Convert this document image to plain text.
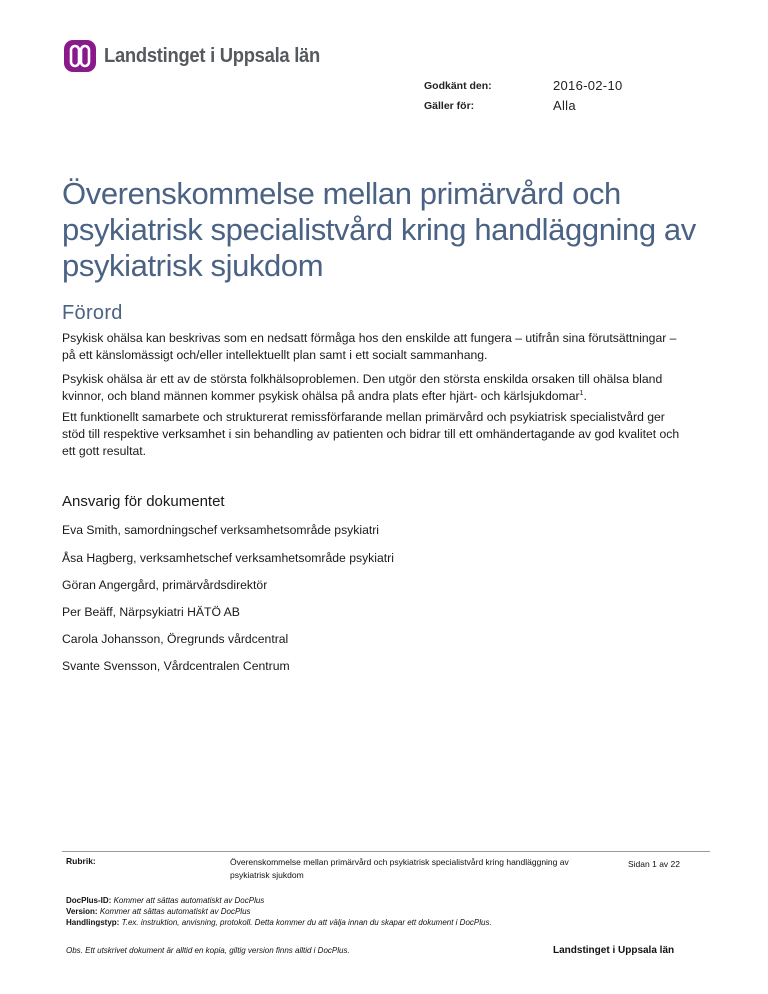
Landstinget i Uppsala län
Godkänt den:	2016-02-10
Gäller för:	Alla
Överenskommelse mellan primärvård och psykiatrisk specialistvård kring handläggning av psykiatrisk sjukdom
Förord

Psykisk ohälsa kan beskrivas som en nedsatt förmåga hos den enskilde att fungera – utifrån sina förutsättningar – på ett känslomässigt och/eller intellektuellt plan samt i ett socialt sammanhang.

Psykisk ohälsa är ett av de största folkhälsoproblemen. Den utgör den största enskilda orsaken till ohälsa bland kvinnor, och bland männen kommer psykisk ohälsa på andra plats efter hjärt- och kärlsjukdomar$^1$.

Ett funktionellt samarbete och strukturerat remissförfarande mellan primärvård och psykiatrisk specialistvård ger stöd till respektive verksamhet i sin behandling av patienten och bidrar till ett omhändertagande av god kvalitet och ett gott resultat.

Ansvarig för dokumentet
Eva Smith, samordningschef verksamhetsområde psykiatri
Åsa Hagberg, verksamhetschef verksamhetsområde psykiatri
Göran Angergård, primärvårdsdirektör
Per Beäff, Närpsykiatri HÄTÖ AB
Carola Johansson, Öregrunds vårdcentral
Svante Svensson, Vårdcentralen Centrum
Rubrik:	Överenskommelse mellan primärvård och psykiatrisk specialistvård kring handläggning av psykiatrisk sjukdom
Sidan 1 av 22
DocPlus-ID: Kommer att sättas automatiskt av DocPlus
Version: Kommer att sättas automatiskt av DocPlus
Handlingstyp: T.ex. instruktion, anvisning, protokoll. Detta kommer du att välja innan du skapar ett dokument i DocPlus.
Obs. Ett utskrivet dokument är alltid en kopia, giltig version finns alltid i DocPlus.	Landstinget i Uppsala län
